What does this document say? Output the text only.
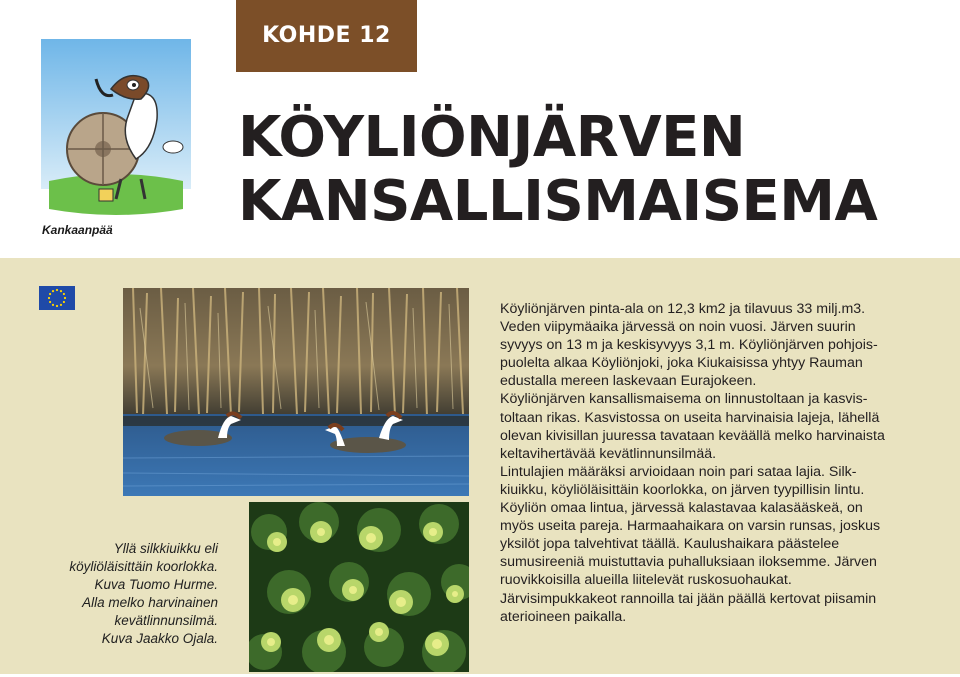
Kankaanpää
KOHDE 12
KÖYLIÖNJÄRVEN
KANSALLISMAISEMA
Yllä silkkiuikku eli
köyliöläisittäin koorlokka.
Kuva Tuomo Hurme.
Alla melko harvinainen
kevätlinnunsilmä.
Kuva Jaakko Ojala.
Köyliönjärven pinta-ala on 12,3 km2 ja tilavuus 33 milj.m3.
Veden viipymäaika järvessä on noin vuosi. Järven suurin
syvyys on 13 m ja keskisyvyys 3,1 m. Köyliönjärven pohjois-
puolelta alkaa Köyliönjoki, joka Kiukaisissa yhtyy Rauman
edustalla mereen laskevaan Eurajokeen.
Köyliönjärven kansallismaisema on linnustoltaan ja kasvis-
toltaan rikas. Kasvistossa on useita harvinaisia lajeja, lähellä
olevan kivisillan juuressa tavataan keväällä melko harvinaista
keltavihertävää kevätlinnunsilmää.
Lintulajien määräksi arvioidaan noin pari sataa lajia. Silk-
kiuikku, köyliöläisittäin koorlokka, on järven tyypillisin lintu.
Köyliön omaa lintua, järvessä kalastavaa kalasääskeä, on
myös useita pareja. Harmaahaikara on varsin runsas, joskus
yksilöt jopa talvehtivat täällä. Kaulushaikara päästelee
sumusireeniä muistuttavia puhalluksiaan iloksemme. Järven
ruovikkoisilla alueilla liitelevät ruskosuohaukat.
Järvisimpukkakeot rannoilla tai jään päällä kertovat piisamin
aterioineen paikalla.
